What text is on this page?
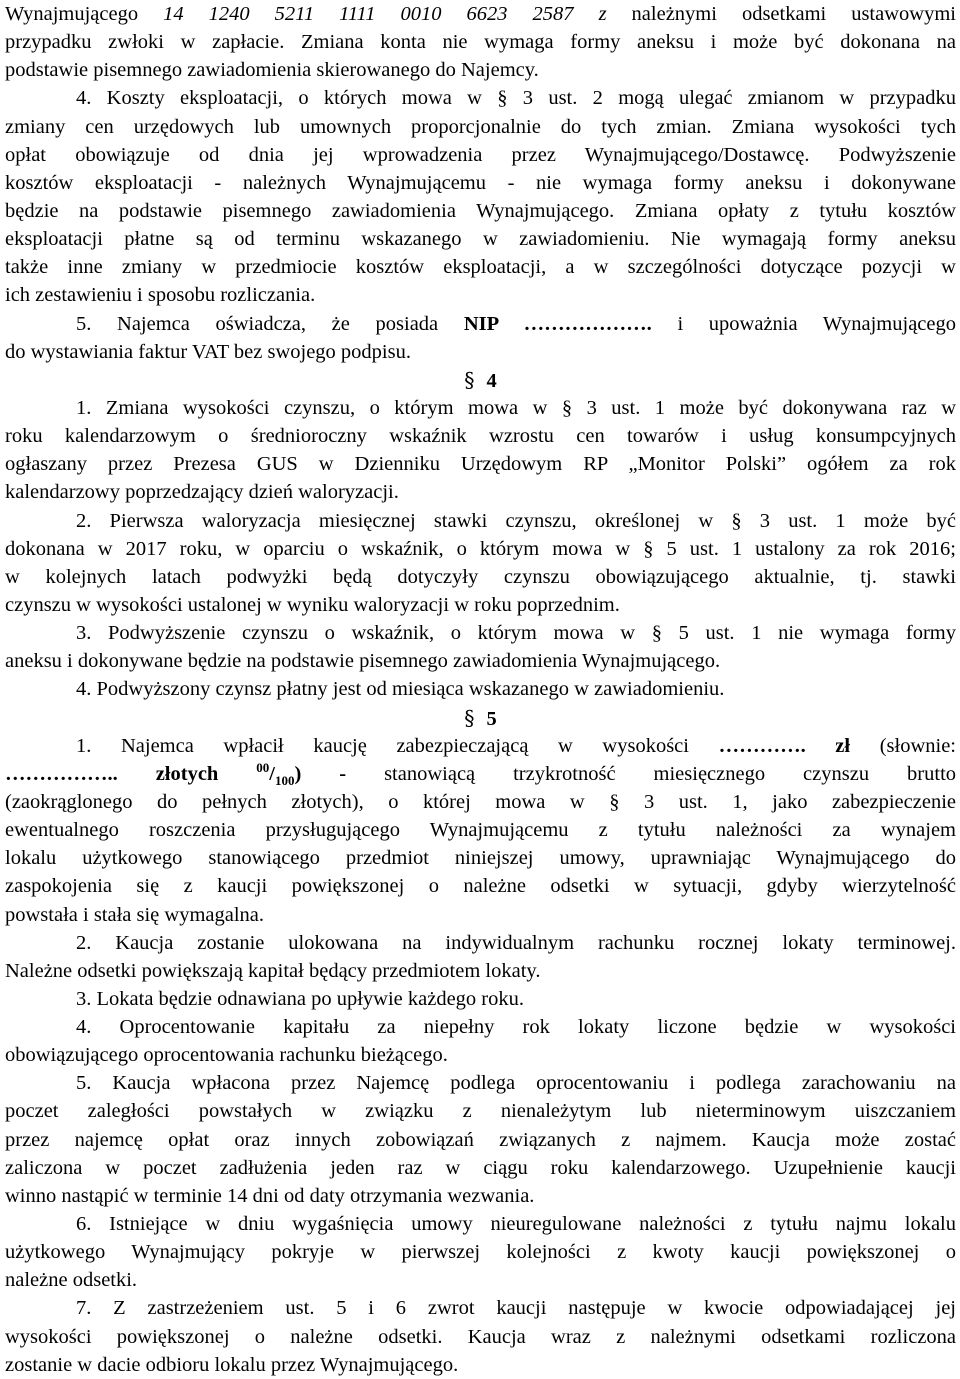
Wynajmującego 14 1240 5211 1111 0010 6623 2587 z należnymi odsetkami ustawowymi
przypadku zwłoki w zapłacie. Zmiana konta nie wymaga formy aneksu i może być dokonana na
podstawie pisemnego zawiadomienia skierowanego do Najemcy.
4. Koszty eksploatacji, o których mowa w § 3 ust. 2 mogą ulegać zmianom w przypadku
zmiany cen urzędowych lub umownych proporcjonalnie do tych zmian. Zmiana wysokości tych
opłat obowiązuje od dnia jej wprowadzenia przez Wynajmującego/Dostawcę. Podwyższenie
kosztów eksploatacji - należnych Wynajmującemu - nie wymaga formy aneksu i dokonywane
będzie na podstawie pisemnego zawiadomienia Wynajmującego. Zmiana opłaty z tytułu kosztów
eksploatacji płatne są od terminu wskazanego w zawiadomieniu. Nie wymagają formy aneksu
także inne zmiany w przedmiocie kosztów eksploatacji, a w szczególności dotyczące pozycji w
ich zestawieniu i sposobu rozliczania.
5. Najemca oświadcza, że posiada NIP ………………. i upoważnia Wynajmującego
do wystawiania faktur VAT bez swojego podpisu.
§ 4
1. Zmiana wysokości czynszu, o którym mowa w § 3 ust. 1 może być dokonywana raz w
roku kalendarzowym o średnioroczny wskaźnik wzrostu cen towarów i usług konsumpcyjnych
ogłaszany przez Prezesa GUS w Dzienniku Urzędowym RP „Monitor Polski” ogółem za rok
kalendarzowy poprzedzający dzień waloryzacji.
2. Pierwsza waloryzacja miesięcznej stawki czynszu, określonej w § 3 ust. 1 może być
dokonana w 2017 roku, w oparciu o wskaźnik, o którym mowa w § 5 ust. 1 ustalony za rok 2016;
w kolejnych latach podwyżki będą dotyczyły czynszu obowiązującego aktualnie, tj. stawki
czynszu w wysokości ustalonej w wyniku waloryzacji w roku poprzednim.
3. Podwyższenie czynszu o wskaźnik, o którym mowa w § 5 ust. 1 nie wymaga formy
aneksu i dokonywane będzie na podstawie pisemnego zawiadomienia Wynajmującego.
4. Podwyższony czynsz płatny jest od miesiąca wskazanego w zawiadomieniu.
§ 5
1. Najemca wpłacił kaucję zabezpieczającą w wysokości …………. zł (słownie:
…………….. złotych $^{00}/_{100}$) - stanowiącą trzykrotność miesięcznego czynszu brutto
(zaokrąglonego do pełnych złotych), o której mowa w § 3 ust. 1, jako zabezpieczenie
ewentualnego roszczenia przysługującego Wynajmującemu z tytułu należności za wynajem
lokalu użytkowego stanowiącego przedmiot niniejszej umowy, uprawniając Wynajmującego do
zaspokojenia się z kaucji powiększonej o należne odsetki w sytuacji, gdyby wierzytelność
powstała i stała się wymagalna.
2. Kaucja zostanie ulokowana na indywidualnym rachunku rocznej lokaty terminowej.
Należne odsetki powiększają kapitał będący przedmiotem lokaty.
3. Lokata będzie odnawiana po upływie każdego roku.
4. Oprocentowanie kapitału za niepełny rok lokaty liczone będzie w wysokości
obowiązującego oprocentowania rachunku bieżącego.
5. Kaucja wpłacona przez Najemcę podlega oprocentowaniu i podlega zarachowaniu na
poczet zaległości powstałych w związku z nienależytym lub nieterminowym uiszczaniem
przez najemcę opłat oraz innych zobowiązań związanych z najmem. Kaucja może zostać
zaliczona w poczet zadłużenia jeden raz w ciągu roku kalendarzowego. Uzupełnienie kaucji
winno nastąpić w terminie 14 dni od daty otrzymania wezwania.
6. Istniejące w dniu wygaśnięcia umowy nieuregulowane należności z tytułu najmu lokalu
użytkowego Wynajmujący pokryje w pierwszej kolejności z kwoty kaucji powiększonej o
należne odsetki.
7. Z zastrzeżeniem ust. 5 i 6 zwrot kaucji następuje w kwocie odpowiadającej jej
wysokości powiększonej o należne odsetki. Kaucja wraz z należnymi odsetkami rozliczona
zostanie w dacie odbioru lokalu przez Wynajmującego.
